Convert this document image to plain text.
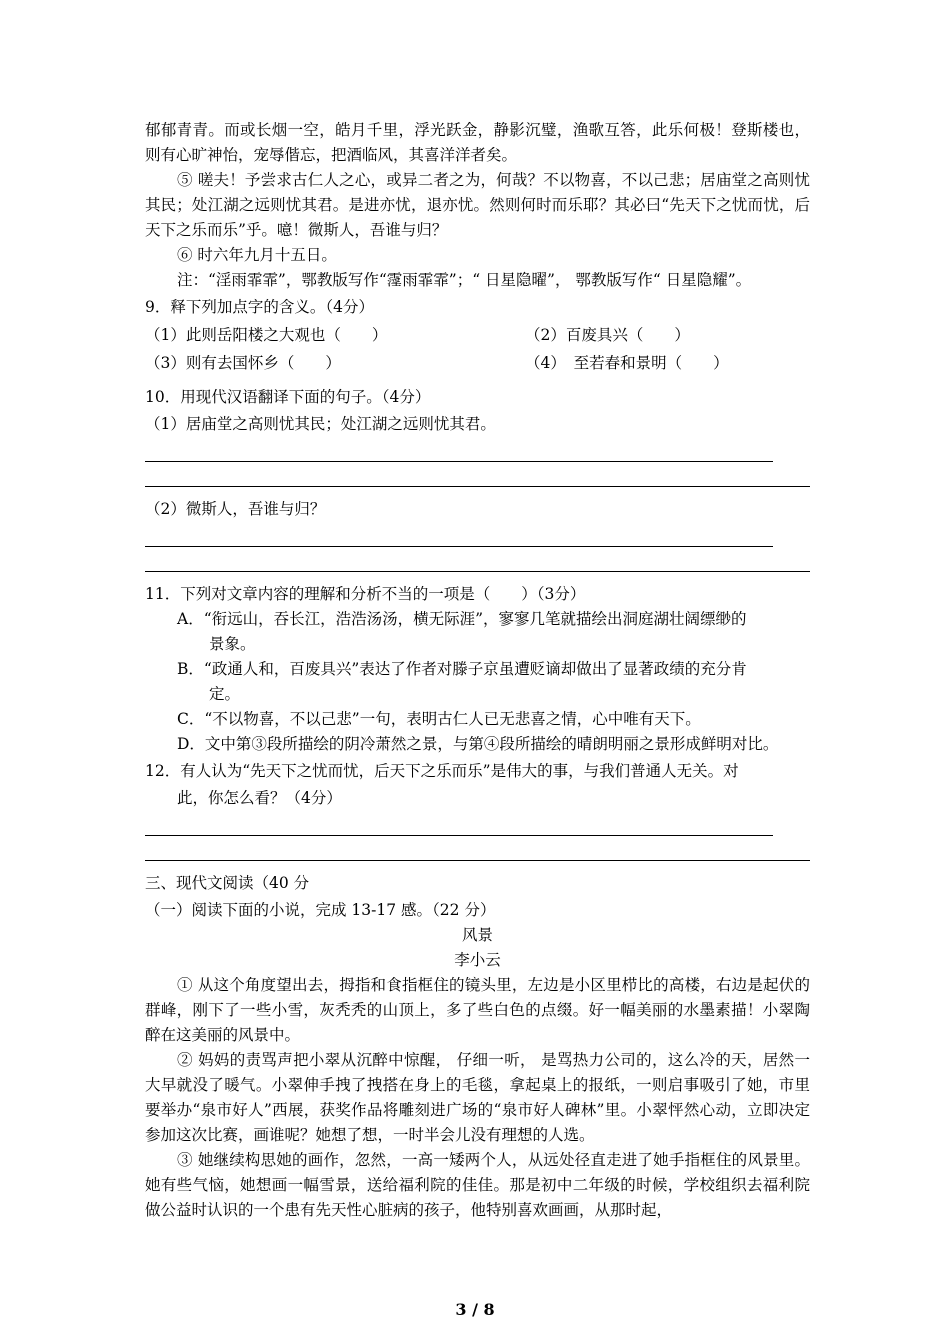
郁郁青青。而或长烟一空，皓月千里，浮光跃金，静影沉璧，渔歌互答，此乐何极！登斯楼也，则有心旷神怡，宠辱偕忘，把酒临风，其喜洋洋者矣。
⑤ 嗟夫！予尝求古仁人之心，或异二者之为，何哉？不以物喜，不以己悲；居庙堂之高则忧其民；处江湖之远则忧其君。是进亦忧，退亦忧。然则何时而乐耶？其必曰“先天下之忧而忧，后天下之乐而乐”乎。噫！微斯人，吾谁与归？
⑥ 时六年九月十五日。
注：“淫雨霏霏”，鄂教版写作“霪雨霏霏”；“ 日星隐曜”， 鄂教版写作“ 日星隐耀”。
9．释下列加点字的含义。（4分）
（1）此则岳阳楼之大观也（　　）	（2）百废具兴（　　）
（3）则有去国怀乡（　　）	（4）　至若春和景明（　　）
10．用现代汉语翻译下面的句子。（4分）
（1）居庙堂之高则忧其民；处江湖之远则忧其君。
（2）微斯人，吾谁与归？
11．下列对文章内容的理解和分析不当的一项是（　　）（3分）
A．“衔远山，吞长江，浩浩汤汤，横无际涯”，寥寥几笔就描绘出洞庭湖壮阔缥缈的
景象。
B．“政通人和，百废具兴”表达了作者对滕子京虽遭贬谪却做出了显著政绩的充分肯
定。
C．“不以物喜，不以己悲”一句，表明古仁人已无悲喜之情，心中唯有天下。
D．文中第③段所描绘的阴冷萧然之景，与第④段所描绘的晴朗明丽之景形成鲜明对比。
12．有人认为“先天下之忧而忧，后天下之乐而乐”是伟大的事，与我们普通人无关。对
此，你怎么看？（4分）
三、现代文阅读（40 分
（一）阅读下面的小说，完成 13-17 感。（22 分）
风景
李小云
① 从这个角度望出去，拇指和食指框住的镜头里，左边是小区里栉比的高楼，右边是起伏的群峰，刚下了一些小雪，灰秃秃的山顶上，多了些白色的点缀。好一幅美丽的水墨素描！小翠陶醉在这美丽的风景中。
② 妈妈的责骂声把小翠从沉醉中惊醒， 仔细一听， 是骂热力公司的，这么冷的天，居然一大早就没了暖气。小翠伸手拽了拽搭在身上的毛毯，拿起桌上的报纸，一则启事吸引了她，市里要举办“泉市好人”西展，获奖作品将雕刻进广场的“泉市好人碑林”里。小翠怦然心动，立即决定参加这次比赛，画谁呢？她想了想，一时半会儿没有理想的人选。
③ 她继续构思她的画作，忽然，一高一矮两个人，从远处径直走进了她手指框住的风景里。她有些气恼，她想画一幅雪景，送给福利院的佳佳。那是初中二年级的时候，学校组织去福利院做公益时认识的一个患有先天性心脏病的孩子，他特别喜欢画画，从那时起，
3 / 8
